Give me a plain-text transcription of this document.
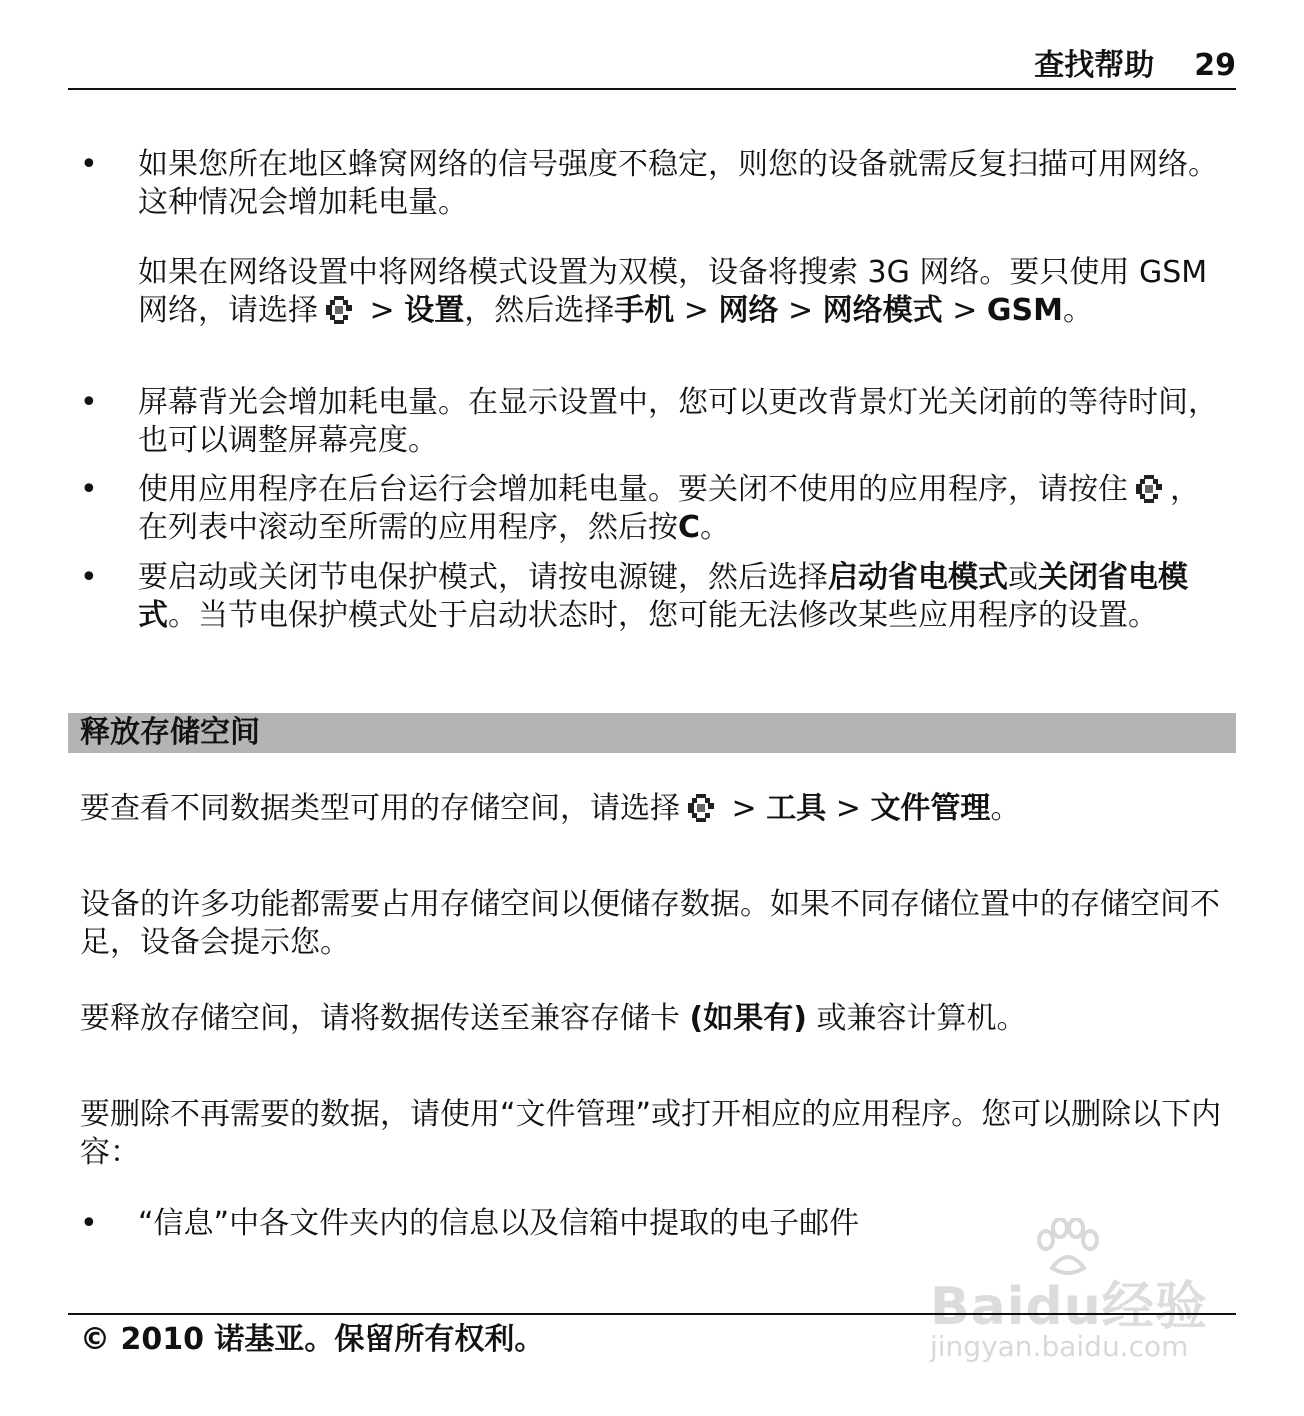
查找帮助 29
• 如果您所在地区蜂窝网络的信号强度不稳定，则您的设备就需反复扫描可用网络。这种情况会增加耗电量。
如果在网络设置中将网络模式设置为双模，设备将搜索 3G 网络。要只使用 GSM 网络，请选择 > 设置，然后选择手机 > 网络 > 网络模式 > GSM。
• 屏幕背光会增加耗电量。在显示设置中，您可以更改背景灯光关闭前的等待时间，也可以调整屏幕亮度。
• 使用应用程序在后台运行会增加耗电量。要关闭不使用的应用程序，请按住 ，在列表中滚动至所需的应用程序，然后按C。
• 要启动或关闭节电保护模式，请按电源键，然后选择启动省电模式或关闭省电模式。当节电保护模式处于启动状态时，您可能无法修改某些应用程序的设置。
释放存储空间

要查看不同数据类型可用的存储空间，请选择 > 工具 > 文件管理。

设备的许多功能都需要占用存储空间以便储存数据。如果不同存储位置中的存储空间不足，设备会提示您。

要释放存储空间，请将数据传送至兼容存储卡 (如果有) 或兼容计算机。

要删除不再需要的数据，请使用“文件管理”或打开相应的应用程序。您可以删除以下内容：

• “信息”中各文件夹内的信息以及信箱中提取的电子邮件
Baidu经验
jingyan.baidu.com
© 2010 诺基亚。保留所有权利。
